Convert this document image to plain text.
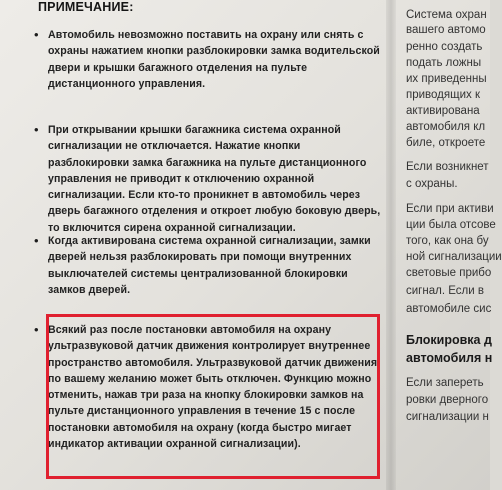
ПРИМЕЧАНИЕ:
• Автомобиль невозможно поставить на охрану или снять с охраны нажатием кнопки разблокировки замка водительской двери и крышки багажного отделения на пульте дистанционного управления.

• При открывании крышки багажника система охранной сигнализации не отключается. Нажатие кнопки разблокировки замка багажника на пульте дистанционного управления не приводит к отключению охранной сигнализации. Если кто-то проникнет в автомобиль через дверь багажного отделения и откроет любую боковую дверь, то включится сирена охранной сигнализации.

• Когда активирована система охранной сигнализации, замки дверей нельзя разблокировать при помощи внутренних выключателей системы централизованной блокировки замков дверей.

• Всякий раз после постановки автомобиля на охрану ультразвуковой датчик движения контролирует внутреннее пространство автомобиля. Ультразвуковой датчик движения по вашему желанию может быть отключен. Функцию можно отменить, нажав три раза на кнопку блокировки замков на пульте дистанционного управления в течение 15 с после постановки автомобиля на охрану (когда быстро мигает индикатор активации охранной сигнализации).

Система охран

вашего автомо

ренно создать

подать ложны

их приведенны

приводящих к

активирована

автомобиля кл

биле, откроете

Если возникнет

с охраны.

Если при активи

ции была отсове

того, как она бу

ной сигнализации

световые прибо

сигнал. Если в

автомобиле сис

Блокировка д

автомобиля н

Если запереть

ровки дверного

сигнализации н
